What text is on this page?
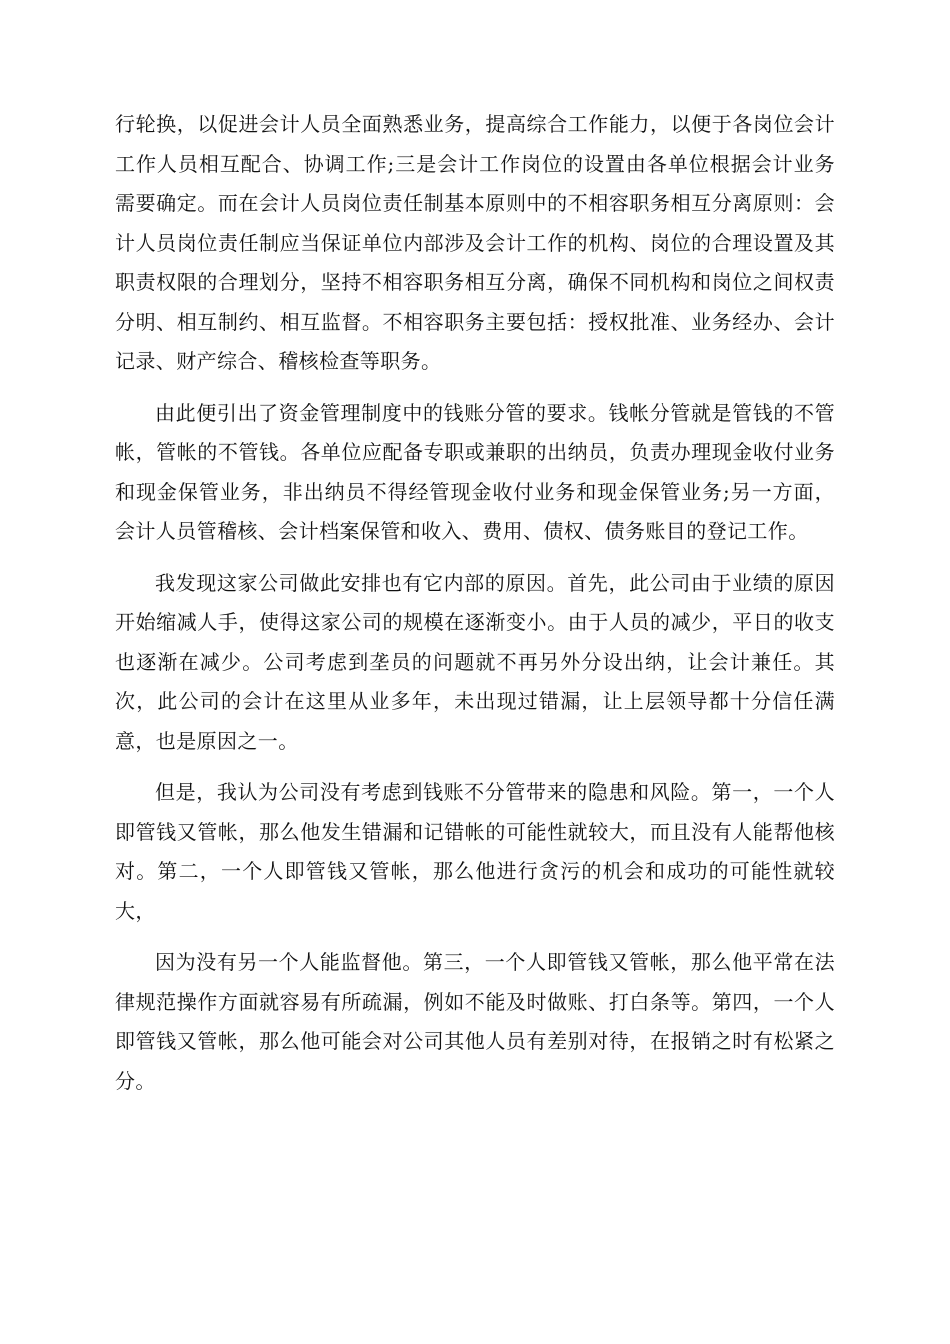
行轮换，以促进会计人员全面熟悉业务，提高综合工作能力，以便于各岗位会计工作人员相互配合、协调工作;三是会计工作岗位的设置由各单位根据会计业务需要确定。而在会计人员岗位责任制基本原则中的不相容职务相互分离原则：会计人员岗位责任制应当保证单位内部涉及会计工作的机构、岗位的合理设置及其职责权限的合理划分，坚持不相容职务相互分离，确保不同机构和岗位之间权责分明、相互制约、相互监督。不相容职务主要包括：授权批准、业务经办、会计记录、财产综合、稽核检查等职务。

由此便引出了资金管理制度中的钱账分管的要求。钱帐分管就是管钱的不管帐，管帐的不管钱。各单位应配备专职或兼职的出纳员，负责办理现金收付业务和现金保管业务，非出纳员不得经管现金收付业务和现金保管业务;另一方面，会计人员管稽核、会计档案保管和收入、费用、债权、债务账目的登记工作。

我发现这家公司做此安排也有它内部的原因。首先，此公司由于业绩的原因开始缩减人手，使得这家公司的规模在逐渐变小。由于人员的减少，平日的收支也逐渐在减少。公司考虑到垄员的问题就不再另外分设出纳，让会计兼任。其次，此公司的会计在这里从业多年，未出现过错漏，让上层领导都十分信任满意，也是原因之一。

但是，我认为公司没有考虑到钱账不分管带来的隐患和风险。第一，一个人即管钱又管帐，那么他发生错漏和记错帐的可能性就较大，而且没有人能帮他核对。第二，一个人即管钱又管帐，那么他进行贪污的机会和成功的可能性就较大，

因为没有另一个人能监督他。第三，一个人即管钱又管帐，那么他平常在法律规范操作方面就容易有所疏漏，例如不能及时做账、打白条等。第四，一个人即管钱又管帐，那么他可能会对公司其他人员有差别对待，在报销之时有松紧之分。
